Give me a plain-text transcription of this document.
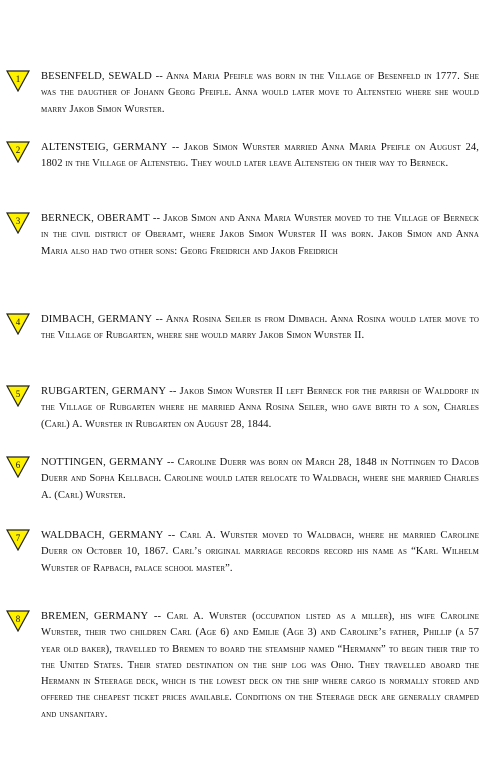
1 BESENFELD, SEWALD -- Anna Maria Pfeifle was born in the Village of Besenfeld in 1777. She was the daugther of Johann Georg Pfeifle. Anna would later move to Altensteig where she would marry Jakob Simon Wurster.
2 ALTENSTEIG, GERMANY -- Jakob Simon Wurster married Anna Maria Pfeifle on August 24, 1802 in the Village of Altensteig. They would later leave Altensteig on their way to Berneck.
3 BERNECK, OBERAMT -- Jakob Simon and Anna Maria Wurster moved to the Village of Berneck in the civil district of Oberamt, where Jakob Simon Wurster II was born. Jakob Simon and Anna Maria also had two other sons: Georg Freidrich and Jakob Freidrich
4 DIMBACH, GERMANY -- Anna Rosina Seiler is from Dimbach. Anna Rosina would later move to the Village of Rubgarten, where she would marry Jakob Simon Wurster II.
5 RUBGARTEN, GERMANY -- Jakob Simon Wurster II left Berneck for the parrish of Walddorf in the Village of Rubgarten where he married Anna Rosina Seiler, who gave birth to a son, Charles (Carl) A. Wurster in Rubgarten on August 28, 1844.
6 NOTTINGEN, GERMANY -- Caroline Duerr was born on March 28, 1848 in Nottingen to Dacob Duerr and Sopha Kellbach. Caroline would later relocate to Waldbach, where she married Charles A. (Carl) Wurster.
7 WALDBACH, GERMANY -- Carl A. Wurster moved to Waldbach, where he married Caroline Duerr on October 10, 1867. Carl’s original marriage records record his name as “Karl Wilhelm Wurster of Rapbach, palace school master”.
8 BREMEN, GERMANY -- Carl A. Wurster (occupation listed as a miller), his wife Caroline Wurster, their two children Carl (Age 6) and Emilie (Age 3) and Caroline’s father, Phillip (a 57 year old baker), travelled to Bremen to board the steamship named “Hermann” to begin their trip to the United States. Their stated destination on the ship log was Ohio. They travelled aboard the Hermann in Steerage deck, which is the lowest deck on the ship where cargo is normally stored and offered the cheapest ticket prices available. Conditions on the Steerage deck are generally cramped and unsanitary.
